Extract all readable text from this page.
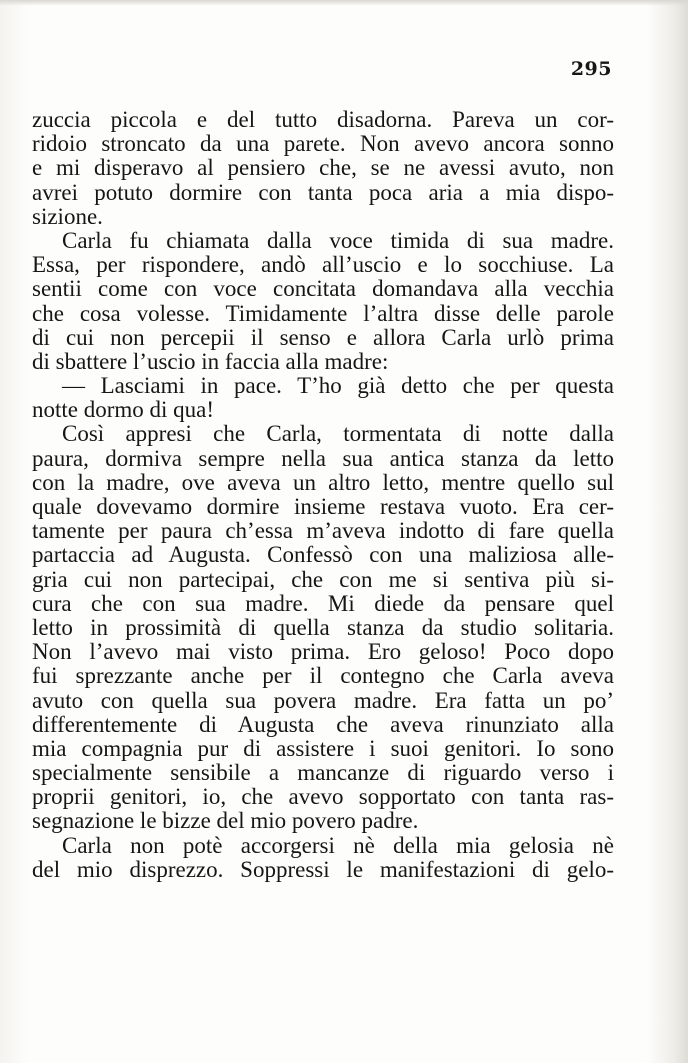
295
zuccia piccola e del tutto disadorna. Pareva un cor-
ridoio stroncato da una parete. Non avevo ancora sonno
e mi disperavo al pensiero che, se ne avessi avuto, non
avrei potuto dormire con tanta poca aria a mia dispo-
sizione.
Carla fu chiamata dalla voce timida di sua madre.
Essa, per rispondere, andò all’uscio e lo socchiuse. La
sentii come con voce concitata domandava alla vecchia
che cosa volesse. Timidamente l’altra disse delle parole
di cui non percepii il senso e allora Carla urlò prima
di sbattere l’uscio in faccia alla madre:
— Lasciami in pace. T’ho già detto che per questa
notte dormo di qua!
Così appresi che Carla, tormentata di notte dalla
paura, dormiva sempre nella sua antica stanza da letto
con la madre, ove aveva un altro letto, mentre quello sul
quale dovevamo dormire insieme restava vuoto. Era cer-
tamente per paura ch’essa m’aveva indotto di fare quella
partaccia ad Augusta. Confessò con una maliziosa alle-
gria cui non partecipai, che con me si sentiva più si-
cura che con sua madre. Mi diede da pensare quel
letto in prossimità di quella stanza da studio solitaria.
Non l’avevo mai visto prima. Ero geloso! Poco dopo
fui sprezzante anche per il contegno che Carla aveva
avuto con quella sua povera madre. Era fatta un po’
differentemente di Augusta che aveva rinunziato alla
mia compagnia pur di assistere i suoi genitori. Io sono
specialmente sensibile a mancanze di riguardo verso i
proprii genitori, io, che avevo sopportato con tanta ras-
segnazione le bizze del mio povero padre.
Carla non potè accorgersi nè della mia gelosia nè
del mio disprezzo. Soppressi le manifestazioni di gelo-
